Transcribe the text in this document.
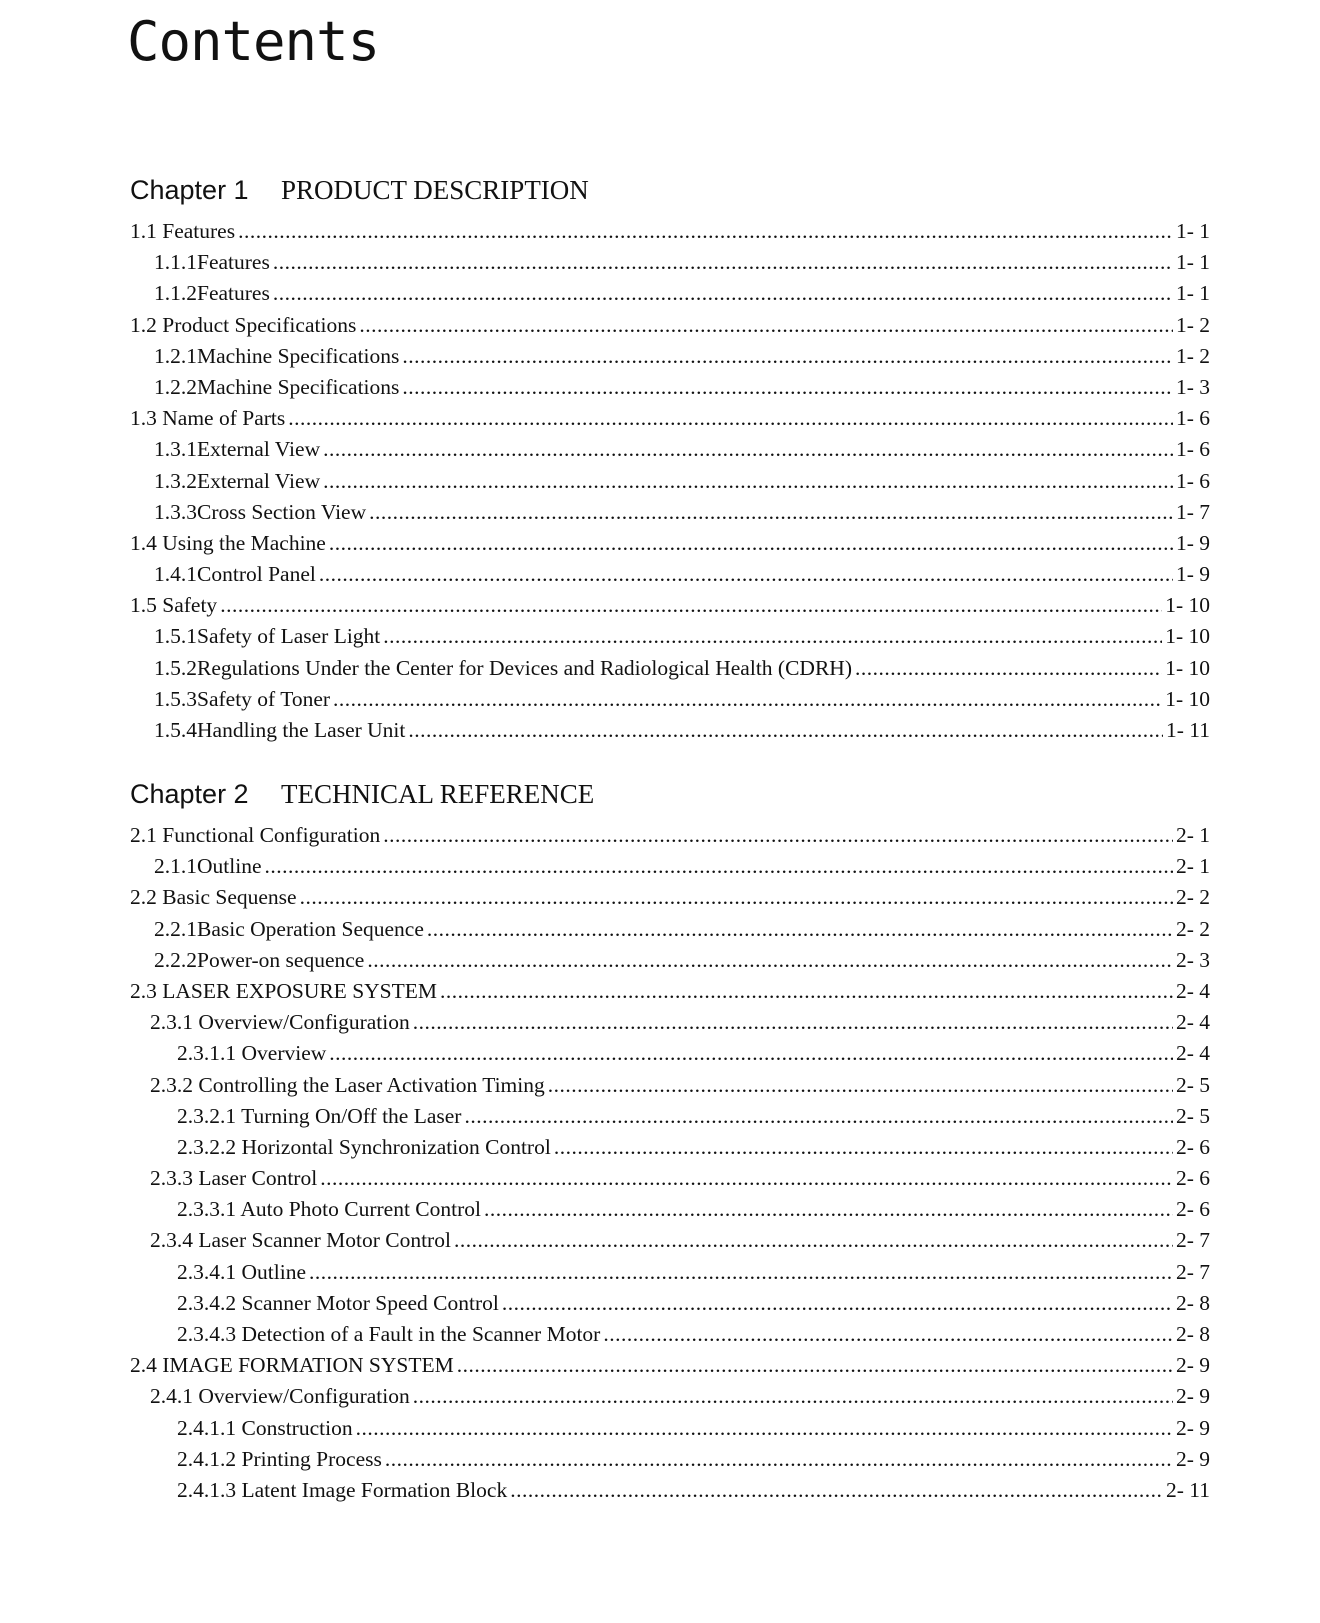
Contents
Chapter 1 PRODUCT DESCRIPTION
1.1 Features .....	1- 1
1.1.1Features .....	1- 1
1.1.2Features .....	1- 1
1.2 Product Specifications .....	1- 2
1.2.1Machine Specifications .....	1- 2
1.2.2Machine Specifications .....	1- 3
1.3 Name of Parts .....	1- 6
1.3.1External View .....	1- 6
1.3.2External View .....	1- 6
1.3.3Cross Section View .....	1- 7
1.4 Using the Machine .....	1- 9
1.4.1Control Panel .....	1- 9
1.5 Safety .....	1- 10
1.5.1Safety of Laser Light .....	1- 10
1.5.2Regulations Under the Center for Devices and Radiological Health (CDRH) .....	1- 10
1.5.3Safety of Toner .....	1- 10
1.5.4Handling the Laser Unit .....	1- 11
Chapter 2 TECHNICAL REFERENCE
2.1 Functional Configuration .....	2- 1
2.1.1Outline .....	2- 1
2.2 Basic Sequense .....	2- 2
2.2.1Basic Operation Sequence .....	2- 2
2.2.2Power-on sequence .....	2- 3
2.3 LASER EXPOSURE SYSTEM .....	2- 4
2.3.1 Overview/Configuration .....	2- 4
2.3.1.1 Overview .....	2- 4
2.3.2 Controlling the Laser Activation Timing .....	2- 5
2.3.2.1 Turning On/Off the Laser .....	2- 5
2.3.2.2 Horizontal Synchronization Control .....	2- 6
2.3.3 Laser Control .....	2- 6
2.3.3.1 Auto Photo Current Control .....	2- 6
2.3.4 Laser Scanner Motor Control .....	2- 7
2.3.4.1 Outline .....	2- 7
2.3.4.2 Scanner Motor Speed Control .....	2- 8
2.3.4.3 Detection of a Fault in the Scanner Motor .....	2- 8
2.4 IMAGE FORMATION SYSTEM .....	2- 9
2.4.1 Overview/Configuration .....	2- 9
2.4.1.1 Construction .....	2- 9
2.4.1.2 Printing Process .....	2- 9
2.4.1.3 Latent Image Formation Block .....	2- 11
